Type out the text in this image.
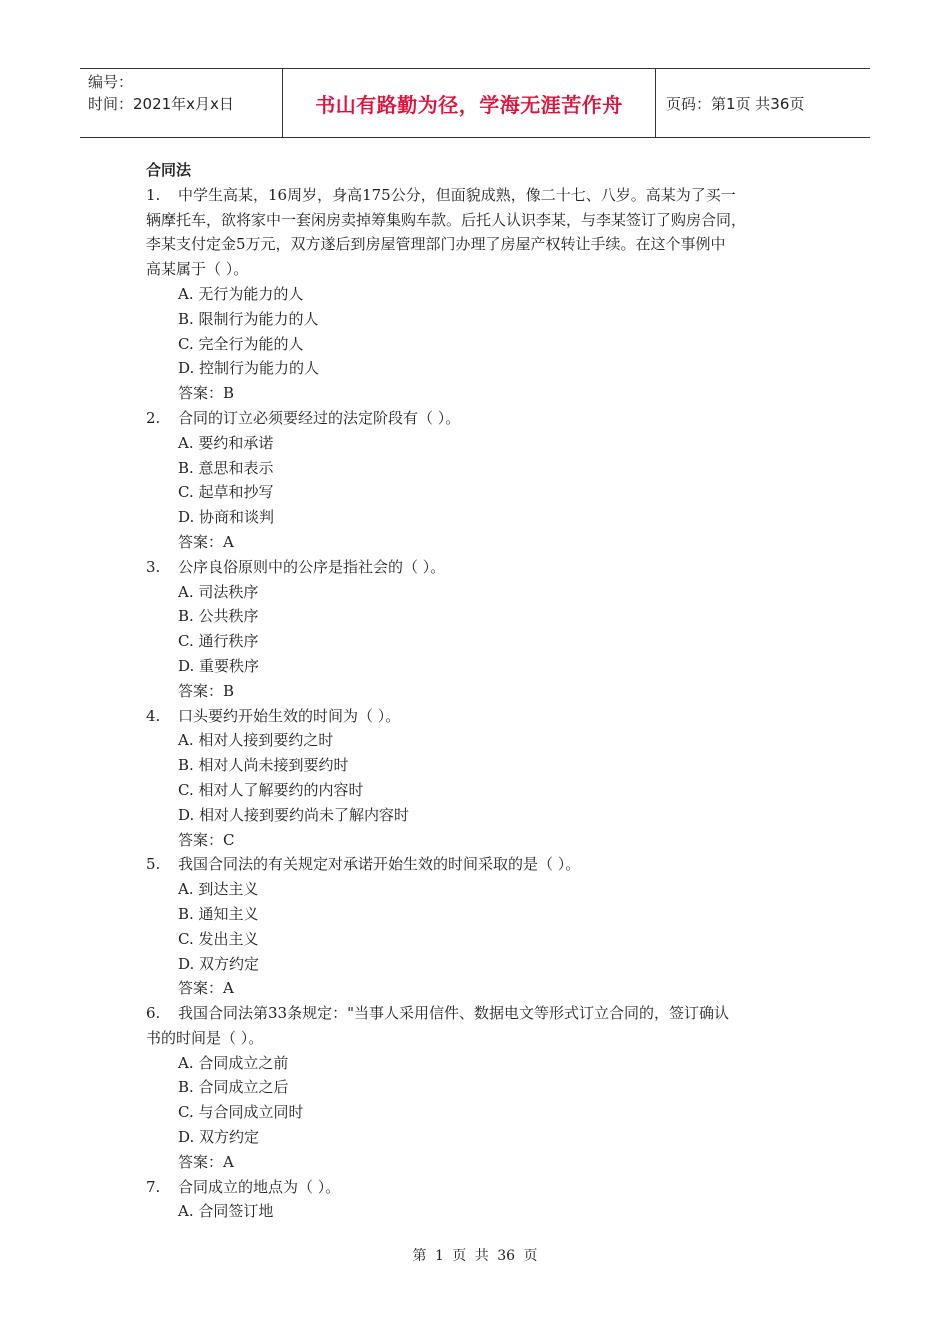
编号：
时间：2021年x月x日	书山有路勤为径，学海无涯苦作舟	页码：第1页 共36页
合同法
1.	中学生高某，16周岁，身高175公分，但面貌成熟，像二十七、八岁。高某为了买一
辆摩托车，欲将家中一套闲房卖掉筹集购车款。后托人认识李某，与李某签订了购房合同，
李某支付定金5万元，双方遂后到房屋管理部门办理了房屋产权转让手续。在这个事例中
高某属于（ ）。
A. 无行为能力的人
B. 限制行为能力的人
C. 完全行为能的人
D. 控制行为能力的人
答案：B
2.	合同的订立必须要经过的法定阶段有（ ）。
A. 要约和承诺
B. 意思和表示
C. 起草和抄写
D. 协商和谈判
答案：A
3.	公序良俗原则中的公序是指社会的（ ）。
A. 司法秩序
B. 公共秩序
C. 通行秩序
D. 重要秩序
答案：B
4.	口头要约开始生效的时间为（ ）。
A. 相对人接到要约之时
B. 相对人尚未接到要约时
C. 相对人了解要约的内容时
D. 相对人接到要约尚未了解内容时
答案：C
5.	我国合同法的有关规定对承诺开始生效的时间采取的是（ ）。
A. 到达主义
B. 通知主义
C. 发出主义
D. 双方约定
答案：A
6.	我国合同法第33条规定："当事人采用信件、数据电文等形式订立合同的，签订确认
书的时间是（ ）。
A. 合同成立之前
B. 合同成立之后
C. 与合同成立同时
D. 双方约定
答案：A
7.	合同成立的地点为（ ）。
A. 合同签订地
第 1 页 共 36 页
